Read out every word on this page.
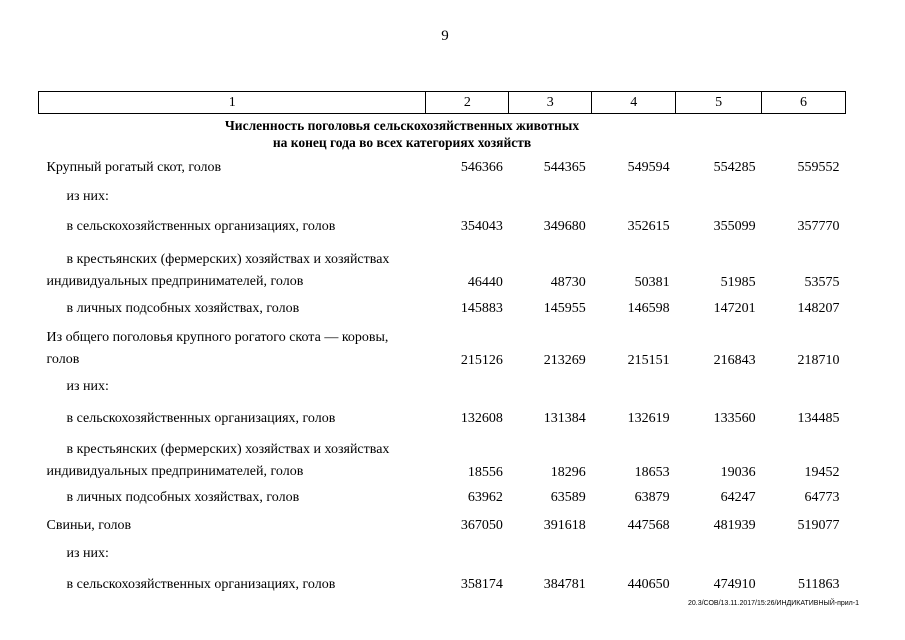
9
1	2	3	4	5	6

Численность поголовья сельскохозяйственных животных
на конец года во всех категориях хозяйств					

Крупный рогатый скот, голов	546366	544365	549594	554285	559552
из них:					
в сельскохозяйственных организациях, голов	354043	349680	352615	355099	357770
в крестьянских (фермерских) хозяйствах и хозяйствах индивидуальных предпринимателей, голов	46440	48730	50381	51985	53575
в личных подсобных хозяйствах, голов	145883	145955	146598	147201	148207
Из общего поголовья крупного рогатого скота — коровы, голов	215126	213269	215151	216843	218710
из них:					
в сельскохозяйственных организациях, голов	132608	131384	132619	133560	134485
в крестьянских (фермерских) хозяйствах и хозяйствах индивидуальных предпринимателей, голов	18556	18296	18653	19036	19452
в личных подсобных хозяйствах, голов	63962	63589	63879	64247	64773
Свиньи, голов	367050	391618	447568	481939	519077
из них:					
в сельскохозяйственных организациях, голов	358174	384781	440650	474910	511863
20.3/СОВ/13.11.2017/15:26/ИНДИКАТИВНЫЙ-прил-1
